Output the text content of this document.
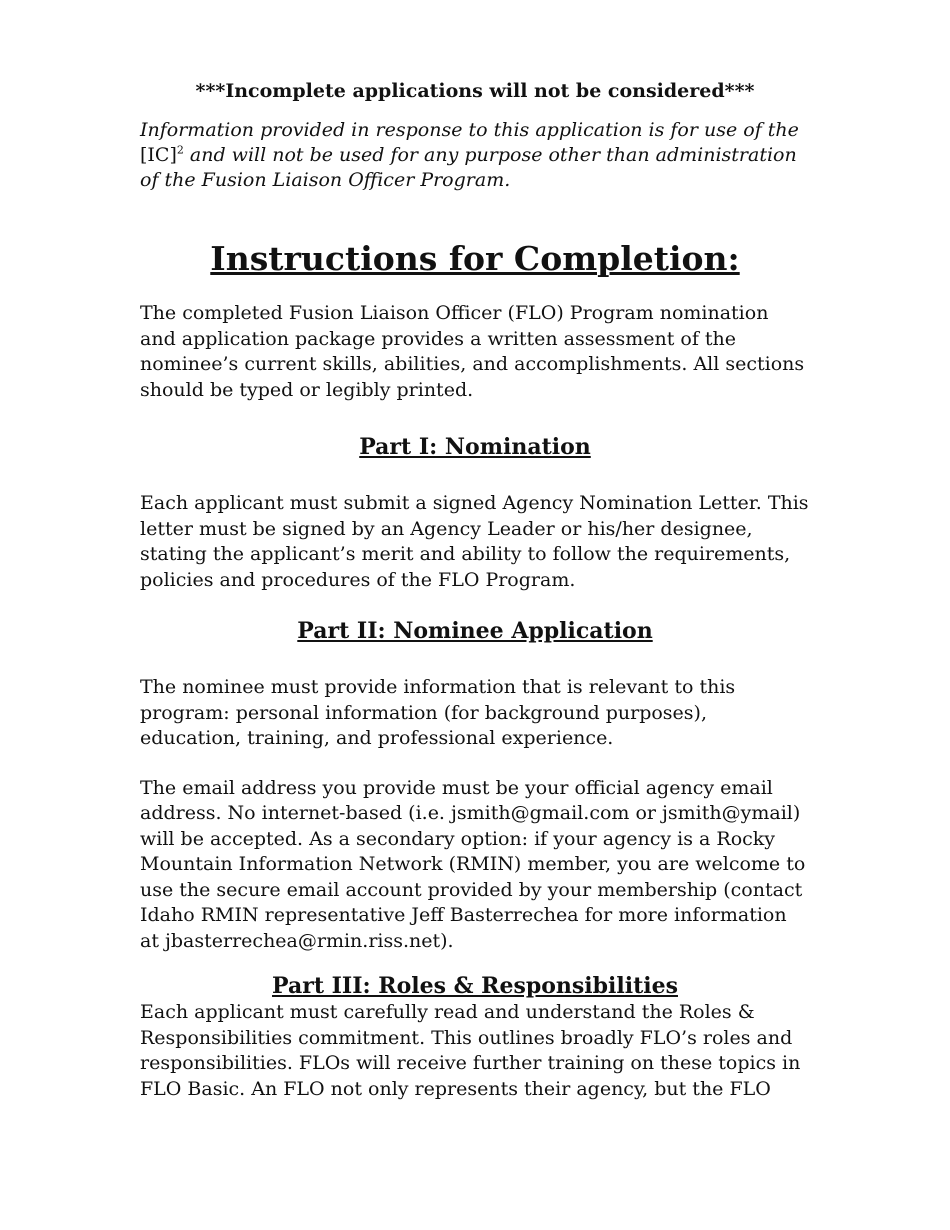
***Incomplete applications will not be considered***

Information provided in response to this application is for use of the [IC]$^2$ and will not be used for any purpose other than administration of the Fusion Liaison Officer Program.

Instructions for Completion:

The completed Fusion Liaison Officer (FLO) Program nomination and application package provides a written assessment of the nominee’s current skills, abilities, and accomplishments. All sections should be typed or legibly printed.

Part I: Nomination

Each applicant must submit a signed Agency Nomination Letter. This letter must be signed by an Agency Leader or his/her designee, stating the applicant’s merit and ability to follow the requirements, policies and procedures of the FLO Program.

Part II: Nominee Application

The nominee must provide information that is relevant to this program: personal information (for background purposes), education, training, and professional experience.

The email address you provide must be your official agency email address. No internet-based (i.e. jsmith@gmail.com or jsmith@ymail) will be accepted. As a secondary option: if your agency is a Rocky Mountain Information Network (RMIN) member, you are welcome to use the secure email account provided by your membership (contact Idaho RMIN representative Jeff Basterrechea for more information at jbasterrechea@rmin.riss.net).

Part III: Roles & Responsibilities

Each applicant must carefully read and understand the Roles & Responsibilities commitment. This outlines broadly FLO’s roles and responsibilities. FLOs will receive further training on these topics in FLO Basic. An FLO not only represents their agency, but the FLO
